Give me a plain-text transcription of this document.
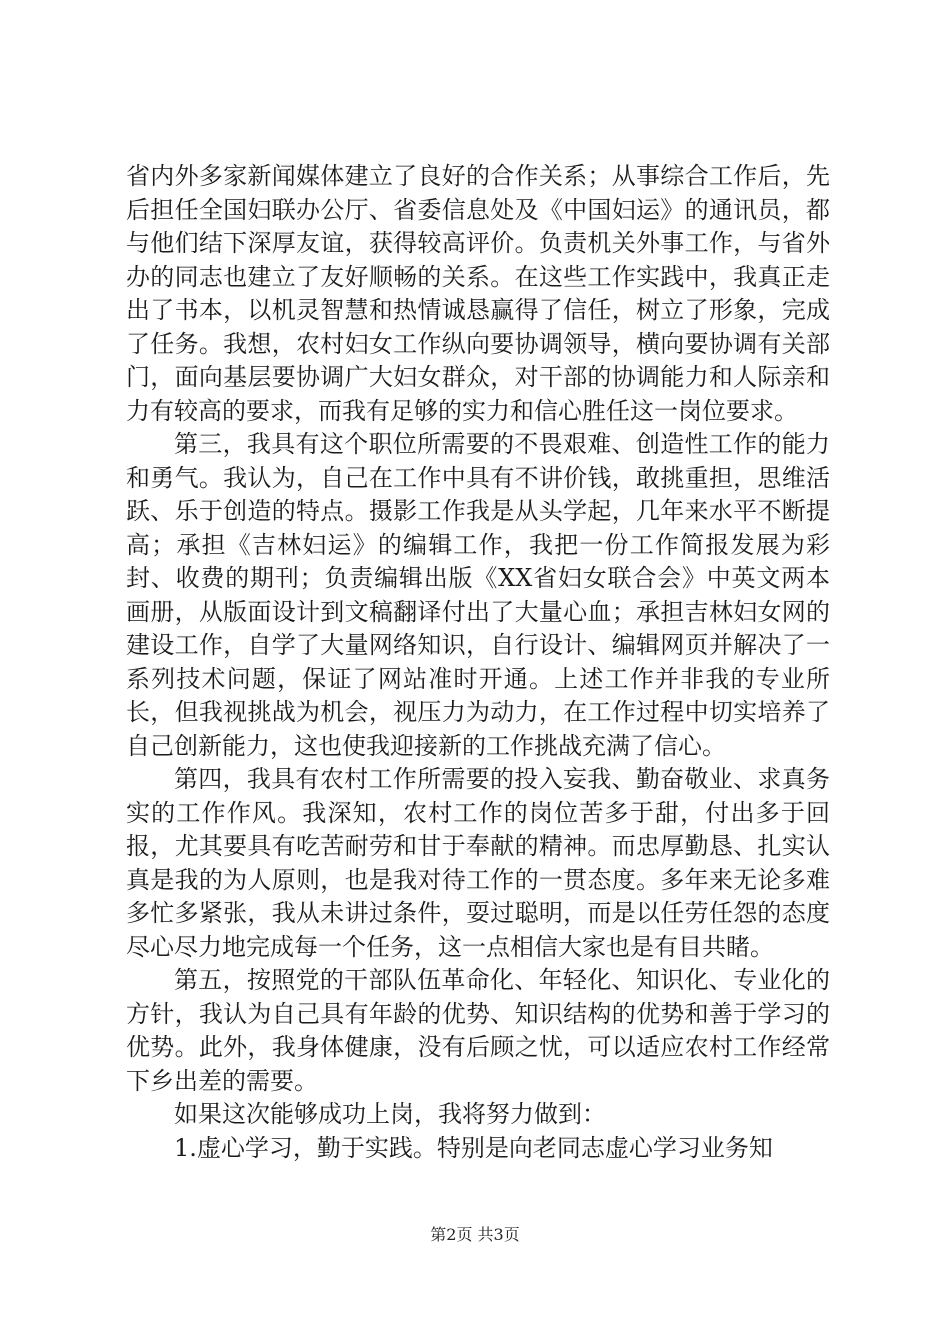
省内外多家新闻媒体建立了良好的合作关系；从事综合工作后，先后担任全国妇联办公厅、省委信息处及《中国妇运》的通讯员，都与他们结下深厚友谊，获得较高评价。负责机关外事工作，与省外办的同志也建立了友好顺畅的关系。在这些工作实践中，我真正走出了书本，以机灵智慧和热情诚恳赢得了信任，树立了形象，完成了任务。我想，农村妇女工作纵向要协调领导，横向要协调有关部门，面向基层要协调广大妇女群众，对干部的协调能力和人际亲和力有较高的要求，而我有足够的实力和信心胜任这一岗位要求。

第三，我具有这个职位所需要的不畏艰难、创造性工作的能力和勇气。我认为，自己在工作中具有不讲价钱，敢挑重担，思维活跃、乐于创造的特点。摄影工作我是从头学起，几年来水平不断提高；承担《吉林妇运》的编辑工作，我把一份工作简报发展为彩封、收费的期刊；负责编辑出版《XX省妇女联合会》中英文两本画册，从版面设计到文稿翻译付出了大量心血；承担吉林妇女网的建设工作，自学了大量网络知识，自行设计、编辑网页并解决了一系列技术问题，保证了网站准时开通。上述工作并非我的专业所长，但我视挑战为机会，视压力为动力，在工作过程中切实培养了自己创新能力，这也使我迎接新的工作挑战充满了信心。

第四，我具有农村工作所需要的投入妄我、勤奋敬业、求真务实的工作作风。我深知，农村工作的岗位苦多于甜，付出多于回报，尤其要具有吃苦耐劳和甘于奉献的精神。而忠厚勤恳、扎实认真是我的为人原则，也是我对待工作的一贯态度。多年来无论多难多忙多紧张，我从未讲过条件，耍过聪明，而是以任劳任怨的态度尽心尽力地完成每一个任务，这一点相信大家也是有目共睹。

第五，按照党的干部队伍革命化、年轻化、知识化、专业化的方针，我认为自己具有年龄的优势、知识结构的优势和善于学习的优势。此外，我身体健康，没有后顾之忧，可以适应农村工作经常下乡出差的需要。

如果这次能够成功上岗，我将努力做到：

1.虚心学习，勤于实践。特别是向老同志虚心学习业务知

第2页 共3页
